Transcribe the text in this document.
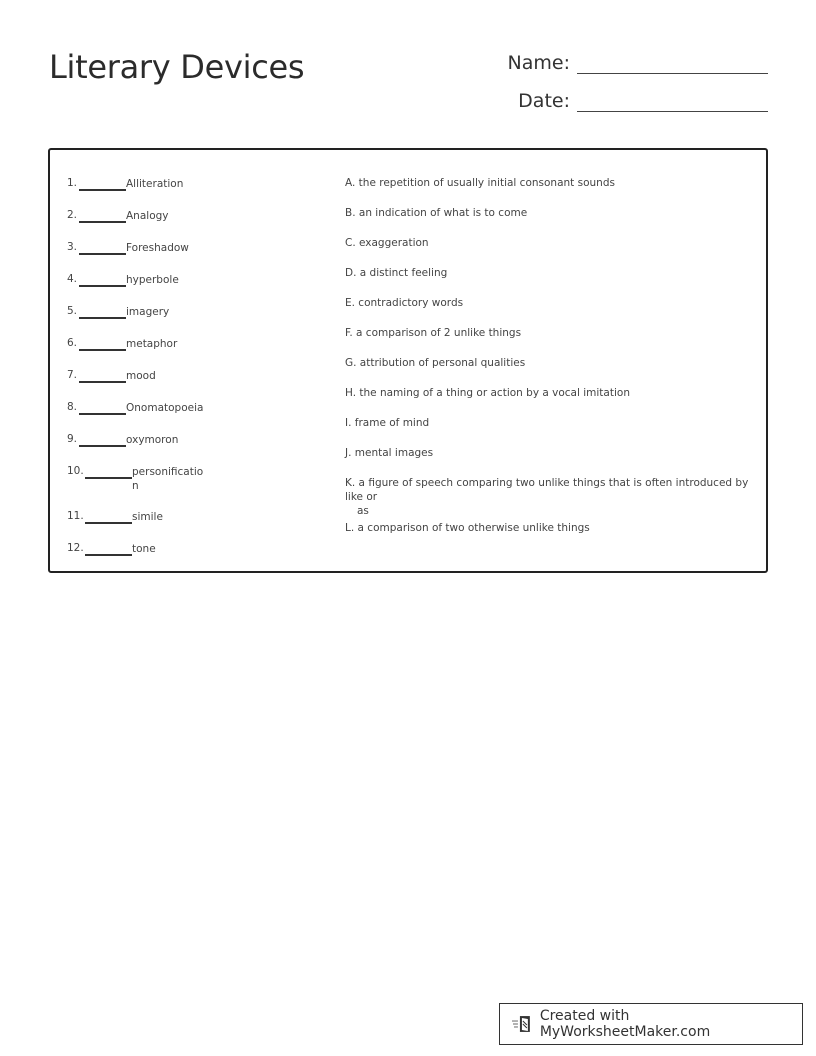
Literary Devices	Name:
Date:
1.	Alliteration
2.	Analogy
3.	Foreshadow
4.	hyperbole
5.	imagery
6.	metaphor
7.	mood
8.	Onomatopoeia
9.	oxymoron
10.	personificatio
n
11.	simile
12.	tone
A. the repetition of usually initial consonant sounds
B. an indication of what is to come
C. exaggeration
D. a distinct feeling
E. contradictory words
F. a comparison of 2 unlike things
G. attribution of personal qualities
H. the naming of a thing or action by a vocal imitation
I. frame of mind
J. mental images
K. a figure of speech comparing two unlike things that is often introduced by like or
as
L. a comparison of two otherwise unlike things
Created with MyWorksheetMaker.com
